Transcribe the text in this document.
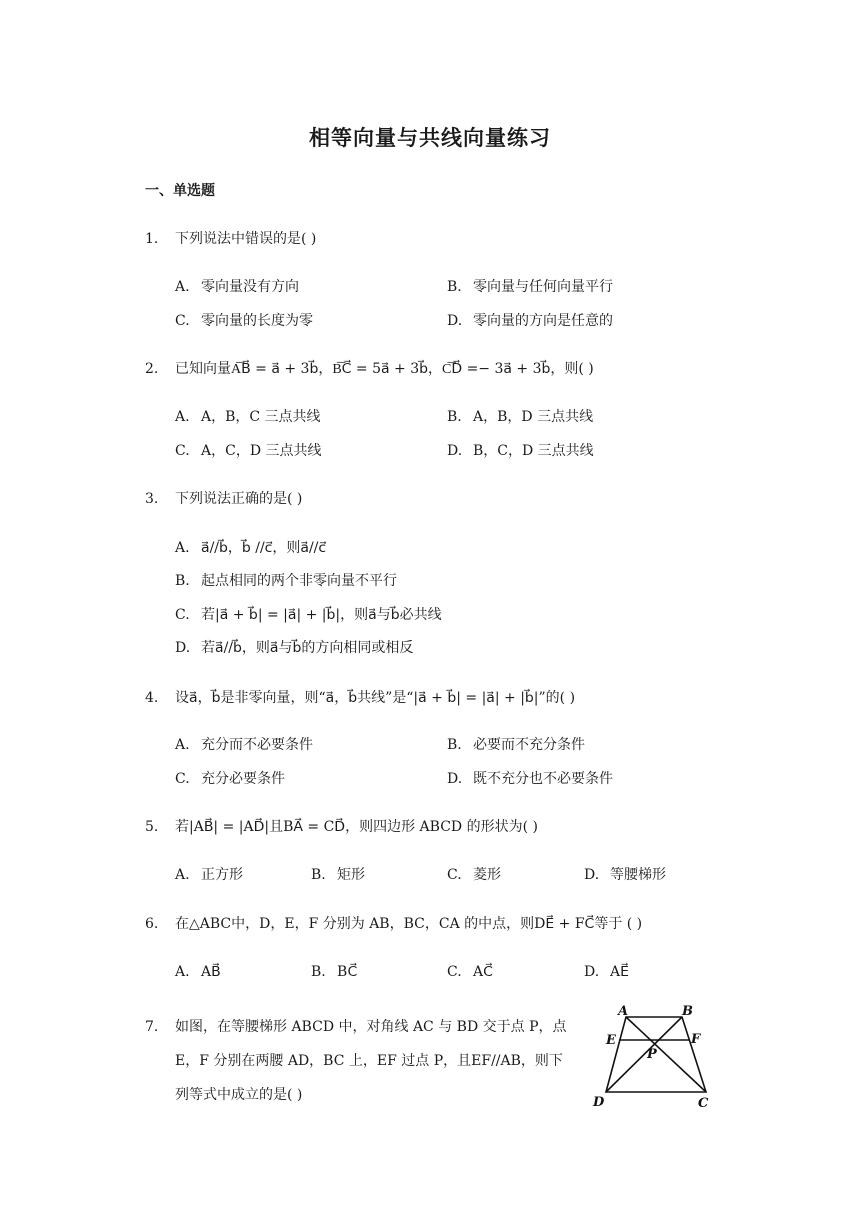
相等向量与共线向量练习
一、单选题
1. 下列说法中错误的是( )
A. 零向量没有方向	B. 零向量与任何向量平行
C. 零向量的长度为零	D. 零向量的方向是任意的
2. 已知向量A͞B⃗ = a⃗ + 3b⃗，B͞C⃗ = 5a⃗ + 3b⃗，C͞D⃗ =− 3a⃗ + 3b⃗，则( )
A. A，B，C 三点共线	B. A，B，D 三点共线
C. A，C，D 三点共线	D. B，C，D 三点共线
3. 下列说法正确的是( )
A. a⃗//b⃗，b⃗ //c⃗，则a⃗//c⃗
B. 起点相同的两个非零向量不平行
C. 若|a⃗ + b⃗| = |a⃗| + |b⃗|，则a⃗与b⃗必共线
D. 若a⃗//b⃗，则a⃗与b⃗的方向相同或相反
4. 设a⃗，b⃗是非零向量，则“a⃗，b⃗共线”是“|a⃗ + b⃗| = |a⃗| + |b⃗|”的( )
A. 充分而不必要条件	B. 必要而不充分条件
C. 充分必要条件	D. 既不充分也不必要条件
5. 若|AB⃗| = |AD⃗|且BA⃗ = CD⃗，则四边形 ABCD 的形状为( )
A. 正方形	B. 矩形	C. 菱形	D. 等腰梯形
6. 在△ABC中，D，E，F 分别为 AB，BC，CA 的中点，则DE⃗ + FC⃗等于 ( )
A. AB⃗	B. BC⃗	C. AC⃗	D. AE⃗
7. 如图，在等腰梯形 ABCD 中，对角线 AC 与 BD 交于点 P，点
E，F 分别在两腰 AD，BC 上，EF 过点 P，且EF//AB，则下
列等式中成立的是( )
A	B
C
D
E	F
P
